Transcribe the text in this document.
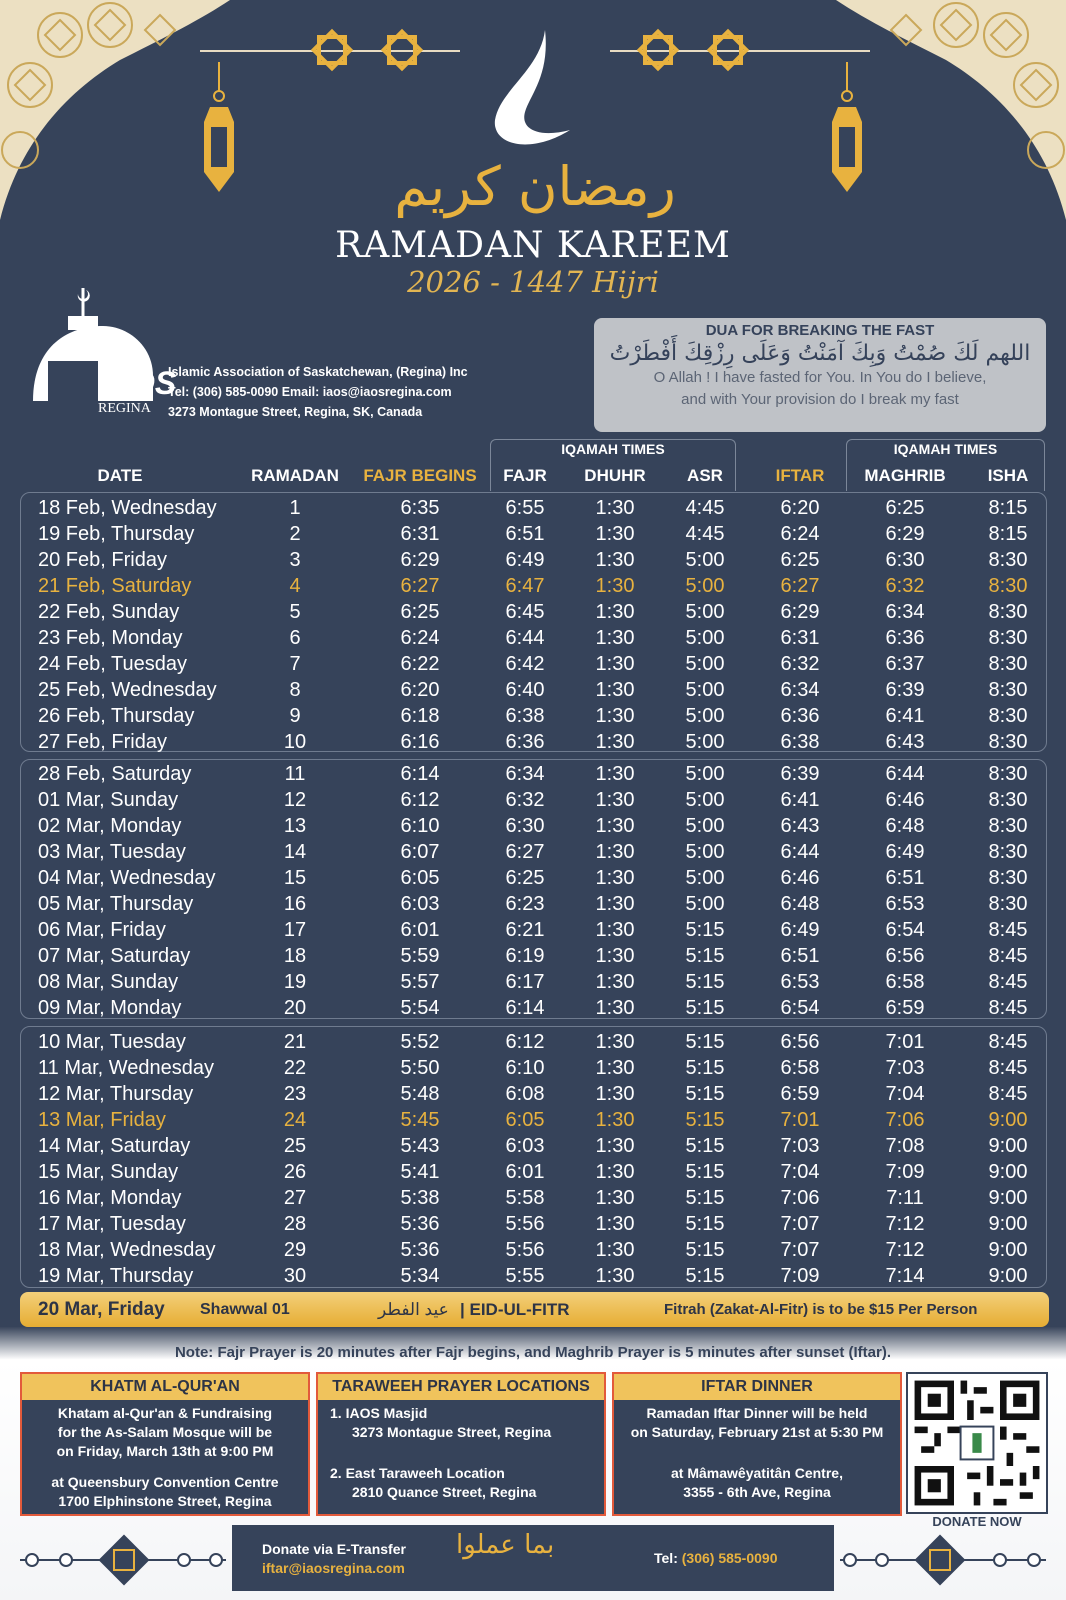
رمضان كريم
RAMADAN KAREEM
2026 - 1447 Hijri
IAOS
REGINA
Islamic Association of Saskatchewan, (Regina) Inc
Tel: (306) 585-0090 Email: iaos@iaosregina.com
3273 Montague Street, Regina, SK, Canada
DUA FOR BREAKING THE FAST
اللهم لَكَ صُمْتُ وَبِكَ آمَنْتُ وَعَلَى رِزْقِكَ أَفْطَرْتُ
O Allah ! I have fasted for You. In You do I believe,
and with Your provision do I break my fast
IQAMAH TIMES	IQAMAH TIMES
DATE	RAMADAN	FAJR BEGINS	FAJR	DHUHR	ASR	IFTAR	MAGHRIB	ISHA
18 Feb, Wednesday	1	6:35	6:55	1:30	4:45	6:20	6:25	8:15
19 Feb, Thursday	2	6:31	6:51	1:30	4:45	6:24	6:29	8:15
20 Feb, Friday	3	6:29	6:49	1:30	5:00	6:25	6:30	8:30
21 Feb, Saturday	4	6:27	6:47	1:30	5:00	6:27	6:32	8:30
22 Feb, Sunday	5	6:25	6:45	1:30	5:00	6:29	6:34	8:30
23 Feb, Monday	6	6:24	6:44	1:30	5:00	6:31	6:36	8:30
24 Feb, Tuesday	7	6:22	6:42	1:30	5:00	6:32	6:37	8:30
25 Feb, Wednesday	8	6:20	6:40	1:30	5:00	6:34	6:39	8:30
26 Feb, Thursday	9	6:18	6:38	1:30	5:00	6:36	6:41	8:30
27 Feb, Friday	10	6:16	6:36	1:30	5:00	6:38	6:43	8:30
28 Feb, Saturday	11	6:14	6:34	1:30	5:00	6:39	6:44	8:30
01 Mar, Sunday	12	6:12	6:32	1:30	5:00	6:41	6:46	8:30
02 Mar, Monday	13	6:10	6:30	1:30	5:00	6:43	6:48	8:30
03 Mar, Tuesday	14	6:07	6:27	1:30	5:00	6:44	6:49	8:30
04 Mar, Wednesday	15	6:05	6:25	1:30	5:00	6:46	6:51	8:30
05 Mar, Thursday	16	6:03	6:23	1:30	5:00	6:48	6:53	8:30
06 Mar, Friday	17	6:01	6:21	1:30	5:15	6:49	6:54	8:45
07 Mar, Saturday	18	5:59	6:19	1:30	5:15	6:51	6:56	8:45
08 Mar, Sunday	19	5:57	6:17	1:30	5:15	6:53	6:58	8:45
09 Mar, Monday	20	5:54	6:14	1:30	5:15	6:54	6:59	8:45
10 Mar, Tuesday	21	5:52	6:12	1:30	5:15	6:56	7:01	8:45
11 Mar, Wednesday	22	5:50	6:10	1:30	5:15	6:58	7:03	8:45
12 Mar, Thursday	23	5:48	6:08	1:30	5:15	6:59	7:04	8:45
13 Mar, Friday	24	5:45	6:05	1:30	5:15	7:01	7:06	9:00
14 Mar, Saturday	25	5:43	6:03	1:30	5:15	7:03	7:08	9:00
15 Mar, Sunday	26	5:41	6:01	1:30	5:15	7:04	7:09	9:00
16 Mar, Monday	27	5:38	5:58	1:30	5:15	7:06	7:11	9:00
17 Mar, Tuesday	28	5:36	5:56	1:30	5:15	7:07	7:12	9:00
18 Mar, Wednesday	29	5:36	5:56	1:30	5:15	7:07	7:12	9:00
19 Mar, Thursday	30	5:34	5:55	1:30	5:15	7:09	7:14	9:00
20 Mar, Friday Shawwal 01	عيد الفطر | EID-UL-FITR	Fitrah (Zakat-Al-Fitr) is to be $15 Per Person
Note: Fajr Prayer is 20 minutes after Fajr begins, and Maghrib Prayer is 5 minutes after sunset (Iftar).
KHATM AL-QUR'AN

Khatam al-Qur'an & Fundraising

for the As-Salam Mosque will be

on Friday, March 13th at 9:00 PM

at Queensbury Convention Centre

1700 Elphinstone Street, Regina

TARAWEEH PRAYER LOCATIONS

1. IAOS Masjid

3273 Montague Street, Regina

2. East Taraweeh Location

2810 Quance Street, Regina

IFTAR DINNER

Ramadan Iftar Dinner will be held

on Saturday, February 21st at 5:30 PM

at Mâmawêyatitân Centre,

3355 - 6th Ave, Regina

DONATE NOW
Donate via E-Transfer
iftar@iaosregina.com
بما عملوا	Tel: (306) 585-0090
